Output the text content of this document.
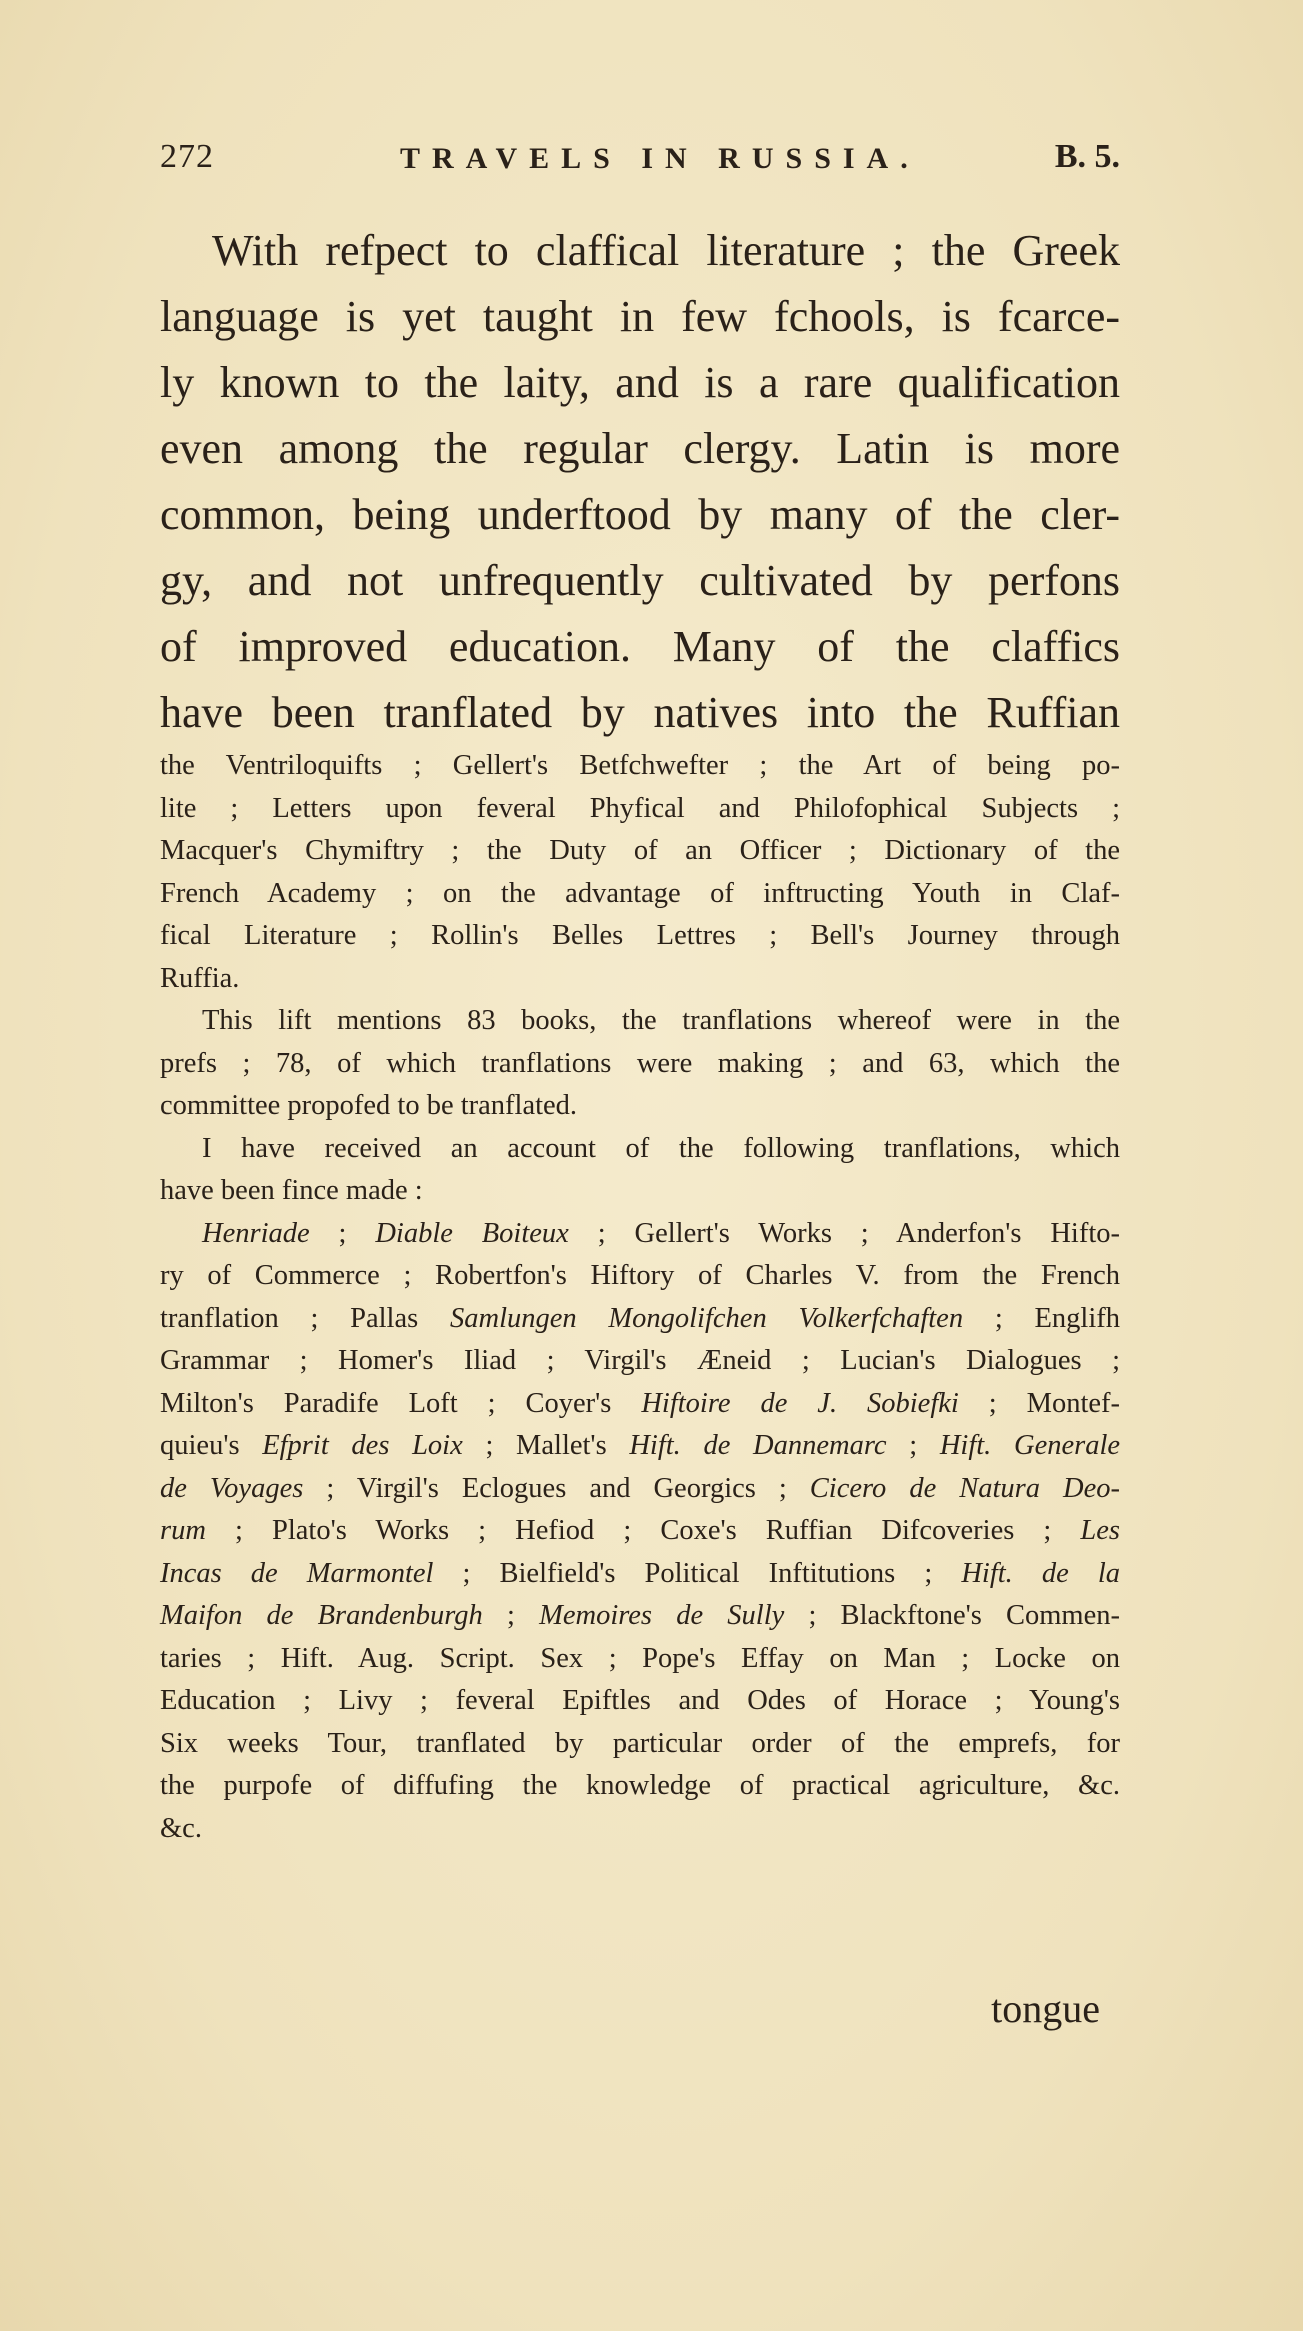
272	TRAVELS IN RUSSIA.	B. 5.
With refpect to claffical literature ; the Greek
language is yet taught in few fchools, is fcarce-
ly known to the laity, and is a rare qualification
even among the regular clergy. Latin is more
common, being underftood by many of the cler-
gy, and not unfrequently cultivated by perfons
of improved education. Many of the claffics
have been tranflated by natives into the Ruffian
the Ventriloquifts ; Gellert's Betfchwefter ; the Art of being po-
lite ; Letters upon feveral Phyfical and Philofophical Subjects ;
Macquer's Chymiftry ; the Duty of an Officer ; Dictionary of the
French Academy ; on the advantage of inftructing Youth in Claf-
fical Literature ; Rollin's Belles Lettres ; Bell's Journey through
Ruffia.
This lift mentions 83 books, the tranflations whereof were in the
prefs ; 78, of which tranflations were making ; and 63, which the
committee propofed to be tranflated.
I have received an account of the following tranflations, which
have been fince made :
Henriade ; Diable Boiteux ; Gellert's Works ; Anderfon's Hifto-
ry of Commerce ; Robertfon's Hiftory of Charles V. from the French
tranflation ; Pallas Samlungen Mongolifchen Volkerfchaften ; Englifh
Grammar ; Homer's Iliad ; Virgil's Æneid ; Lucian's Dialogues ;
Milton's Paradife Loft ; Coyer's Hiftoire de J. Sobiefki ; Montef-
quieu's Efprit des Loix ; Mallet's Hift. de Dannemarc ; Hift. Generale
de Voyages ; Virgil's Eclogues and Georgics ; Cicero de Natura Deo-
rum ; Plato's Works ; Hefiod ; Coxe's Ruffian Difcoveries ; Les
Incas de Marmontel ; Bielfield's Political Inftitutions ; Hift. de la
Maifon de Brandenburgh ; Memoires de Sully ; Blackftone's Commen-
taries ; Hift. Aug. Script. Sex ; Pope's Effay on Man ; Locke on
Education ; Livy ; feveral Epiftles and Odes of Horace ; Young's
Six weeks Tour, tranflated by particular order of the emprefs, for
the purpofe of diffufing the knowledge of practical agriculture, &c.
&c.
tongue
